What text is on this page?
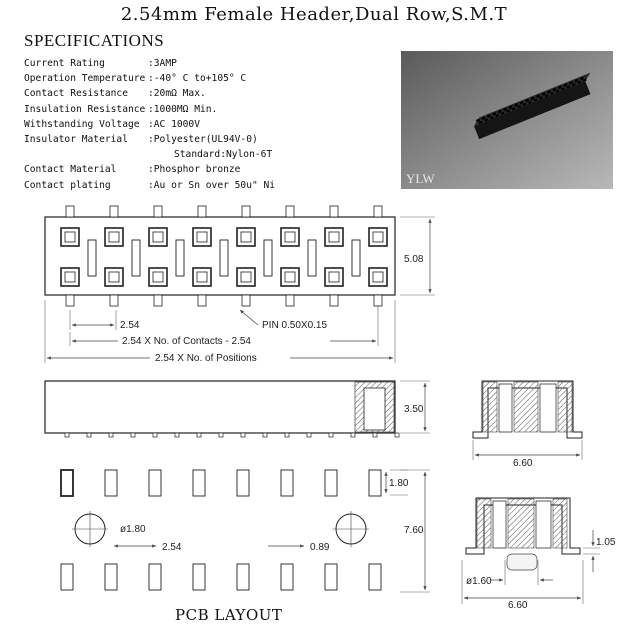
2.54mm Female Header,Dual Row,S.M.T
SPECIFICATIONS
Current Rating	:3AMP
Operation Temperature :-40° C to+105° C
Contact Resistance :20mΩ Max.
Insulation Resistance :1000MΩ Min.
Withstanding Voltage :AC 1000V
Insulator Material :Polyester(UL94V-0)
Standard:Nylon-6T
Contact Material	:Phosphor bronze
Contact plating	:Au or Sn over 50u" Ni	YLW
5.08
2.54	PIN 0.50X0.15
2.54 X No. of Contacts - 2.54
2.54 X No. of Positions
3.50
6.60
ø1.80
2.54	0.89
1.80
7.60
1.05
ø1.60
6.60
PCB LAYOUT
